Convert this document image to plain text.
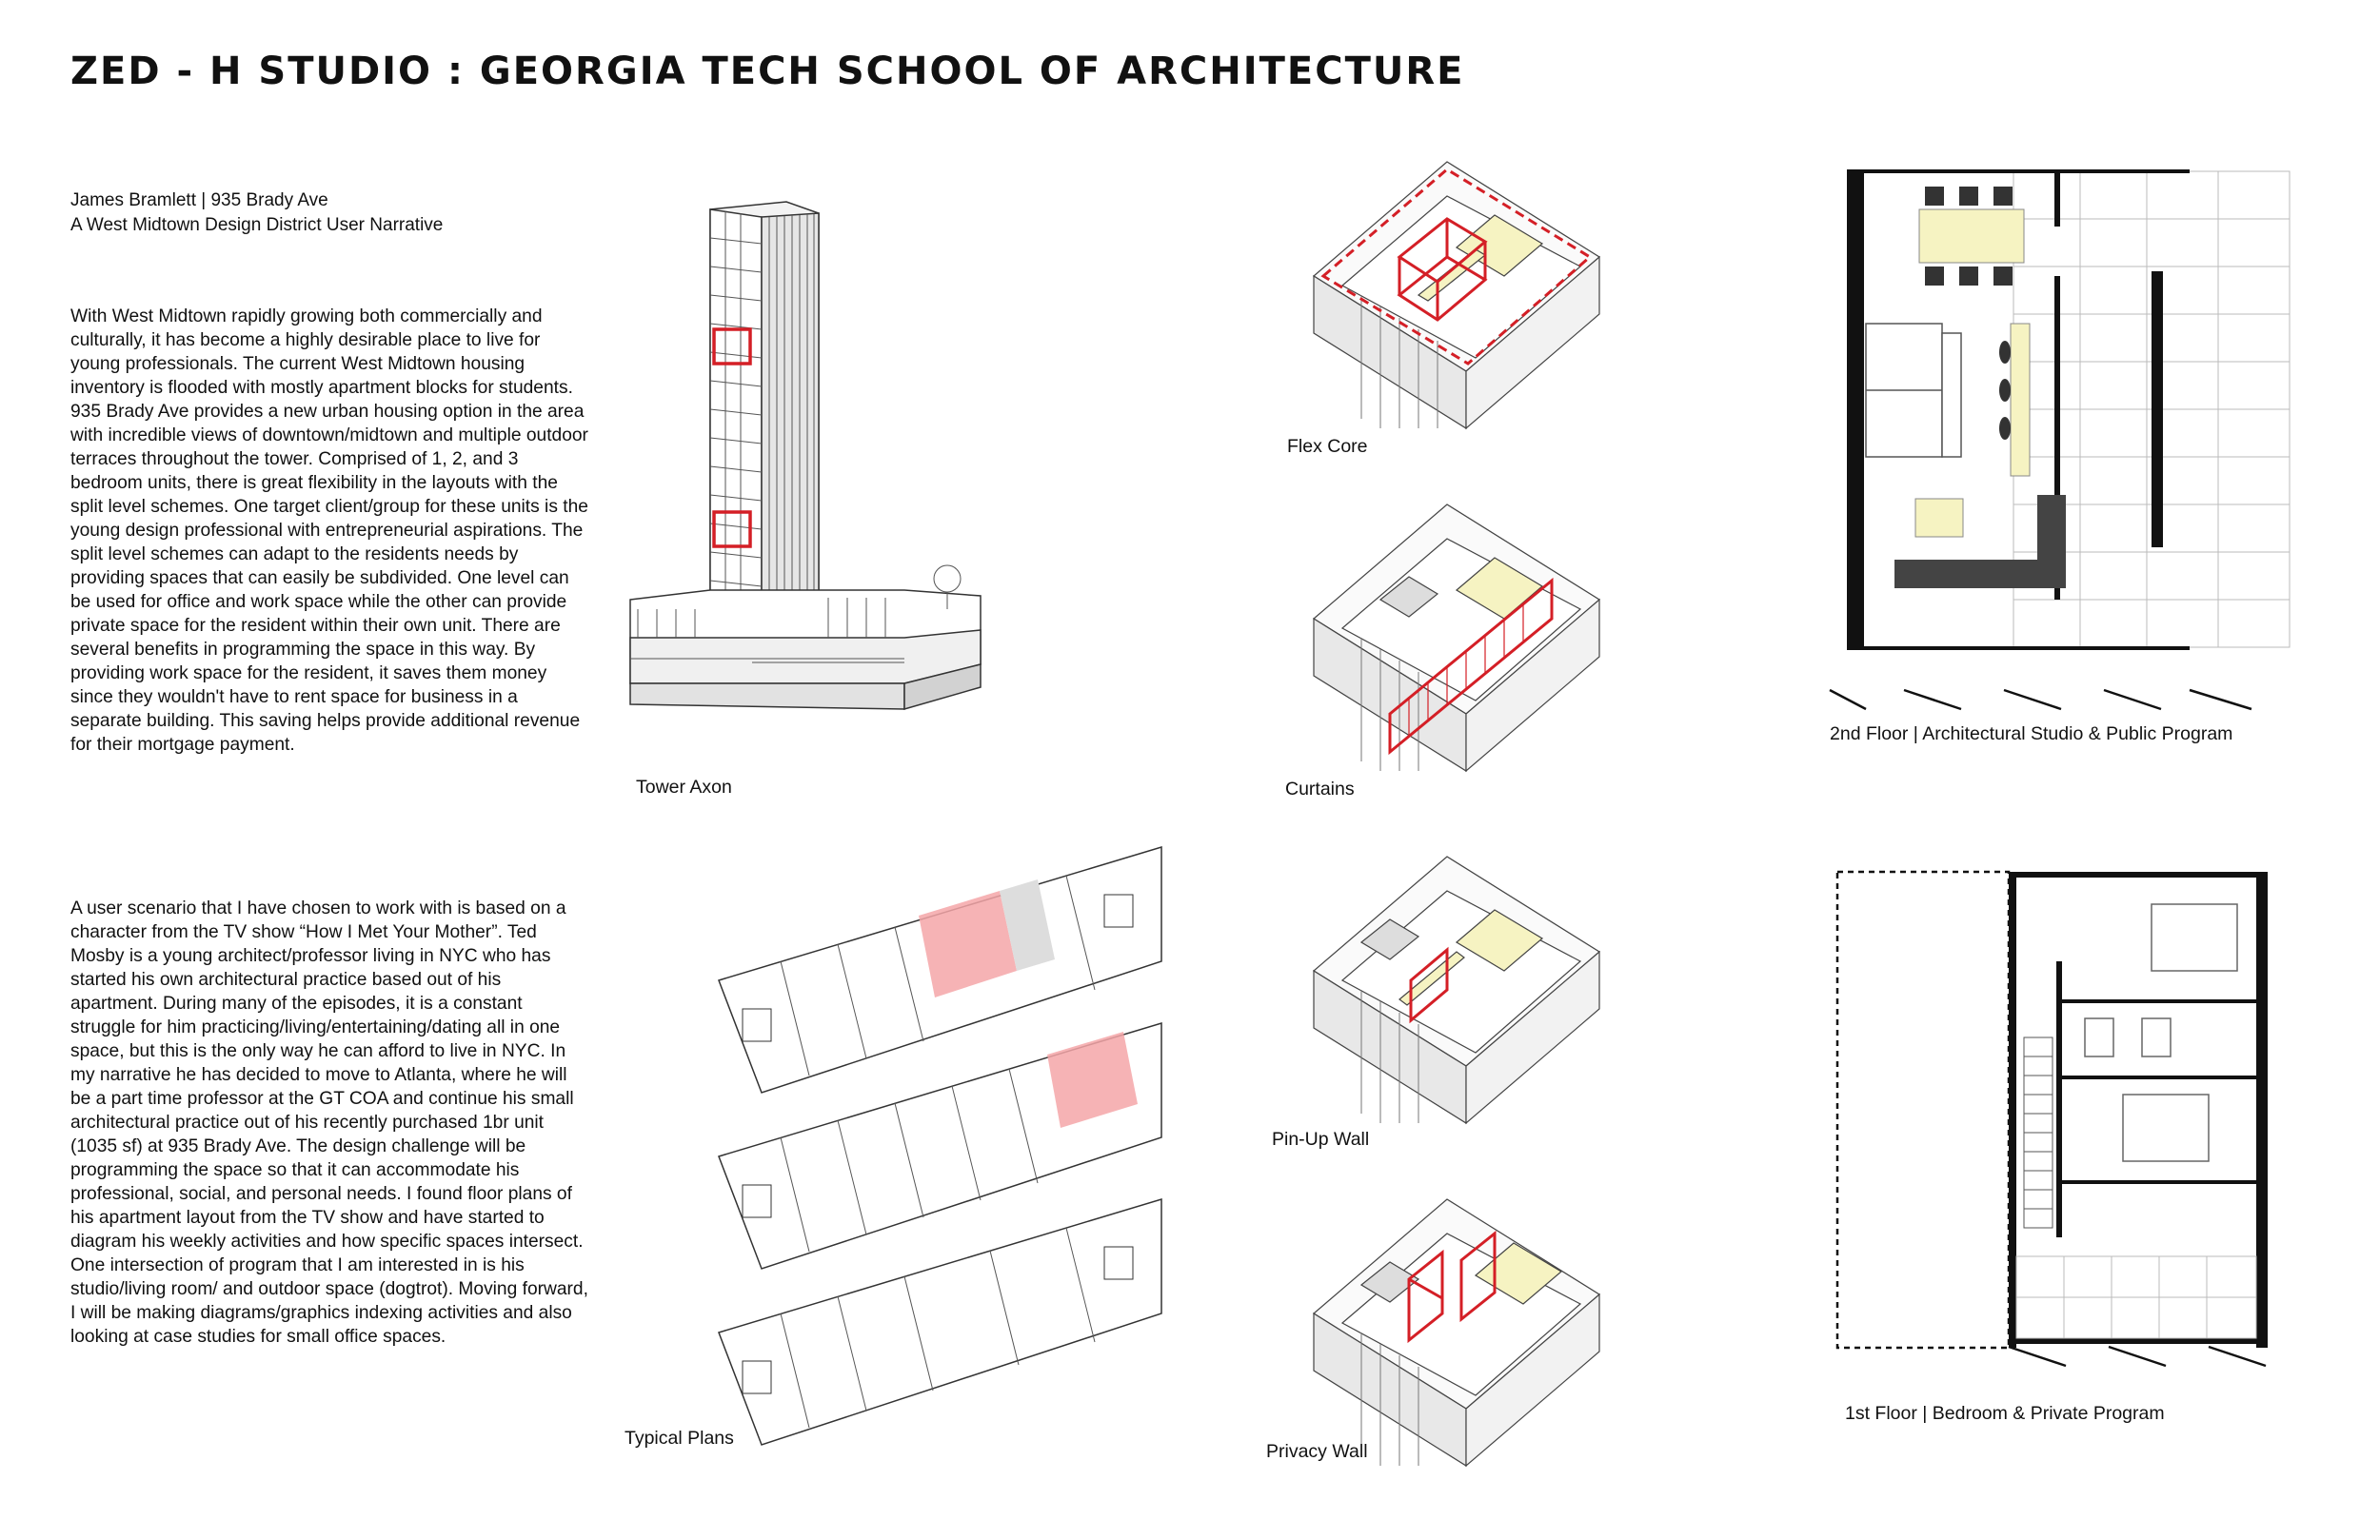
ZED - H STUDIO : GEORGIA TECH SCHOOL OF ARCHITECTURE
James Bramlett | 935 Brady Ave
A West Midtown Design District User Narrative
With West Midtown rapidly growing both commercially and culturally, it has become a highly desirable place to live for young professionals. The current West Midtown housing inventory is flooded with mostly apartment blocks for students. 935 Brady Ave provides a new urban housing option in the area with incredible views of downtown/midtown and multiple outdoor terraces throughout the tower. Comprised of 1, 2, and 3 bedroom units, there is great flexibility in the layouts with the split level schemes. One target client/group for these units is the young design professional with entrepreneurial aspirations. The split level schemes can adapt to the residents needs by providing spaces that can easily be subdivided. One level can be used for office and work space while the other can provide private space for the resident within their own unit. There are several benefits in programming the space in this way. By providing work space for the resident, it saves them money since they wouldn't have to rent space for business in a separate building. This saving helps provide additional revenue for their mortgage payment.
A user scenario that I have chosen to work with is based on a character from the TV show “How I Met Your Mother”. Ted Mosby is a young architect/professor living in NYC who has started his own architectural practice based out of his apartment. During many of the episodes, it is a constant struggle for him practicing/living/entertaining/dating all in one space, but this is the only way he can afford to live in NYC. In my narrative he has decided to move to Atlanta, where he will be a part time professor at the GT COA and continue his small architectural practice out of his recently purchased 1br unit (1035 sf) at 935 Brady Ave. The design challenge will be programming the space so that it can accommodate his professional, social, and personal needs. I found floor plans of his apartment layout from the TV show and have started to diagram his weekly activities and how specific spaces intersect. One intersection of program that I am interested in is his studio/living room/ and outdoor space (dogtrot). Moving forward, I will be making diagrams/graphics indexing activities and also looking at case studies for small office spaces.
Tower Axon
Typical Plans
Flex Core
Curtains
Pin-Up Wall
Privacy Wall
2nd Floor | Architectural Studio & Public Program
1st Floor | Bedroom & Private Program
